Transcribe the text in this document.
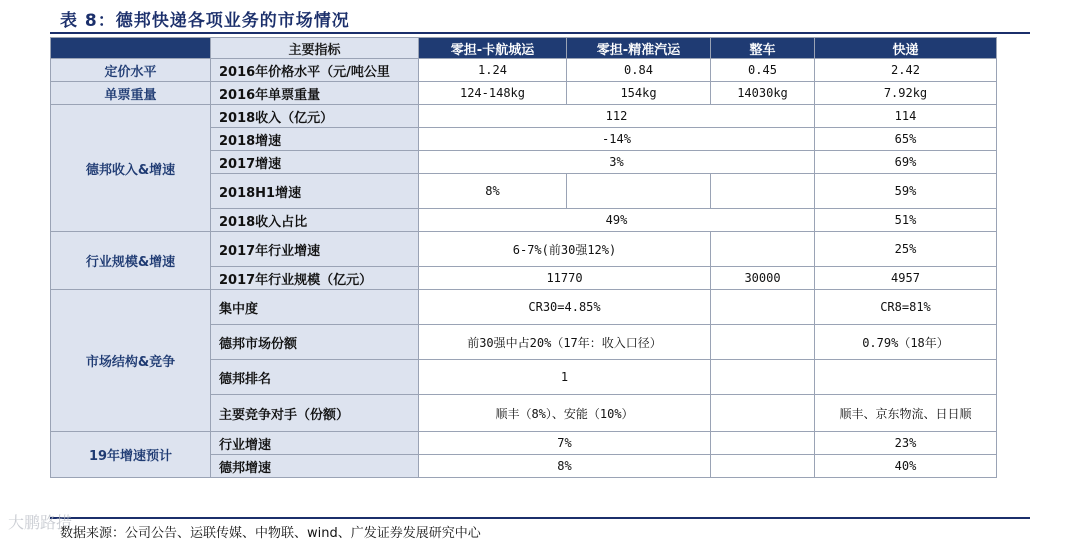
表 8：德邦快递各项业务的市场情况
	主要指标	零担-卡航城运	零担-精准汽运	整车	快递
定价水平	2016年价格水平（元/吨公里	1.24	0.84	0.45	2.42
单票重量	2016年单票重量	124-148kg	154kg	14030kg	7.92kg
德邦收入&增速	2018收入（亿元）	112			114
	2018增速	-14%			65%
	2017增速	3%			69%
	2018H1增速	8%			59%
	2018收入占比	49%			51%
行业规模&增速	2017年行业增速	6-7%(前30强12%)			25%
	2017年行业规模（亿元）	11770		30000	4957
市场结构&竞争	集中度	CR30=4.85%			CR8=81%
	德邦市场份额	前30强中占20%（17年：收入口径）			0.79%（18年）
	德邦排名	1			
	主要竞争对手（份额）	顺丰（8%）、安能（10%）			顺丰、京东物流、日日顺
19年增速预计	行业增速	7%			23%
	德邦增速	8%			40%
大鹏路措
数据来源：公司公告、运联传媒、中物联、wind、广发证券发展研究中心
